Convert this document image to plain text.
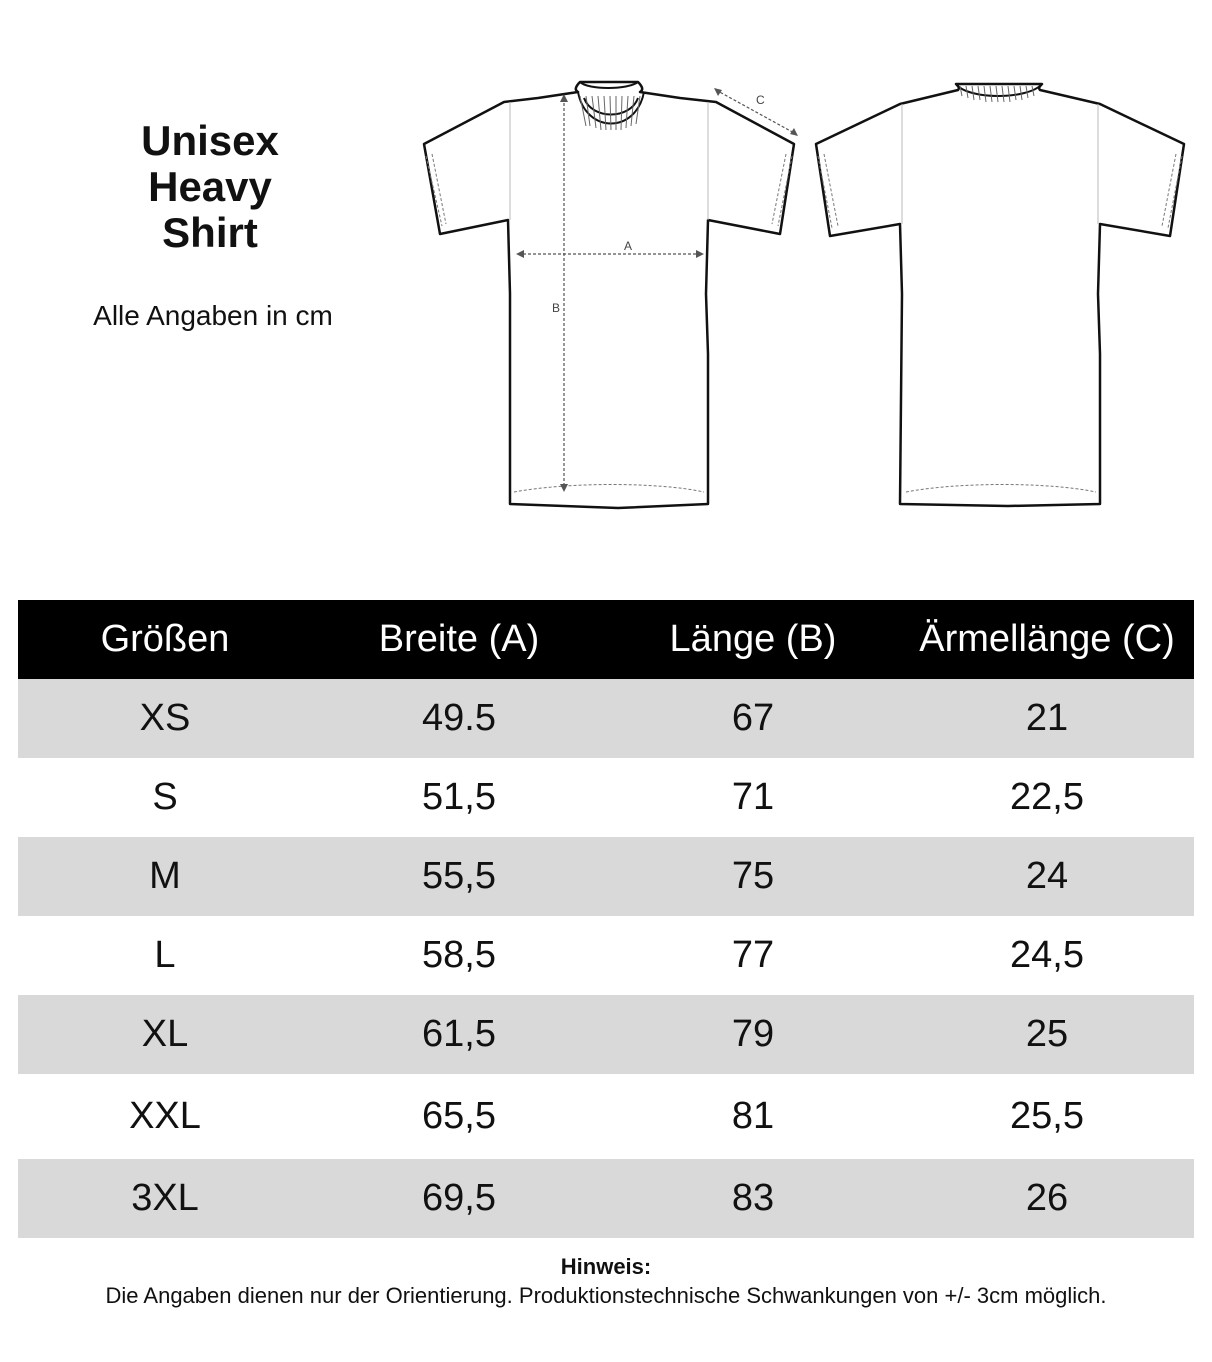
Unisex
Heavy
Shirt
Alle Angaben in cm
A
B
C
Größen	Breite (A)	Länge (B)	Ärmellänge (C)
XS	49.5	67	21
S	51,5	71	22,5
M	55,5	75	24
L	58,5	77	24,5
XL	61,5	79	25
XXL	65,5	81	25,5
3XL	69,5	83	26
Hinweis:
Die Angaben dienen nur der Orientierung. Produktionstechnische Schwankungen von +/- 3cm möglich.
